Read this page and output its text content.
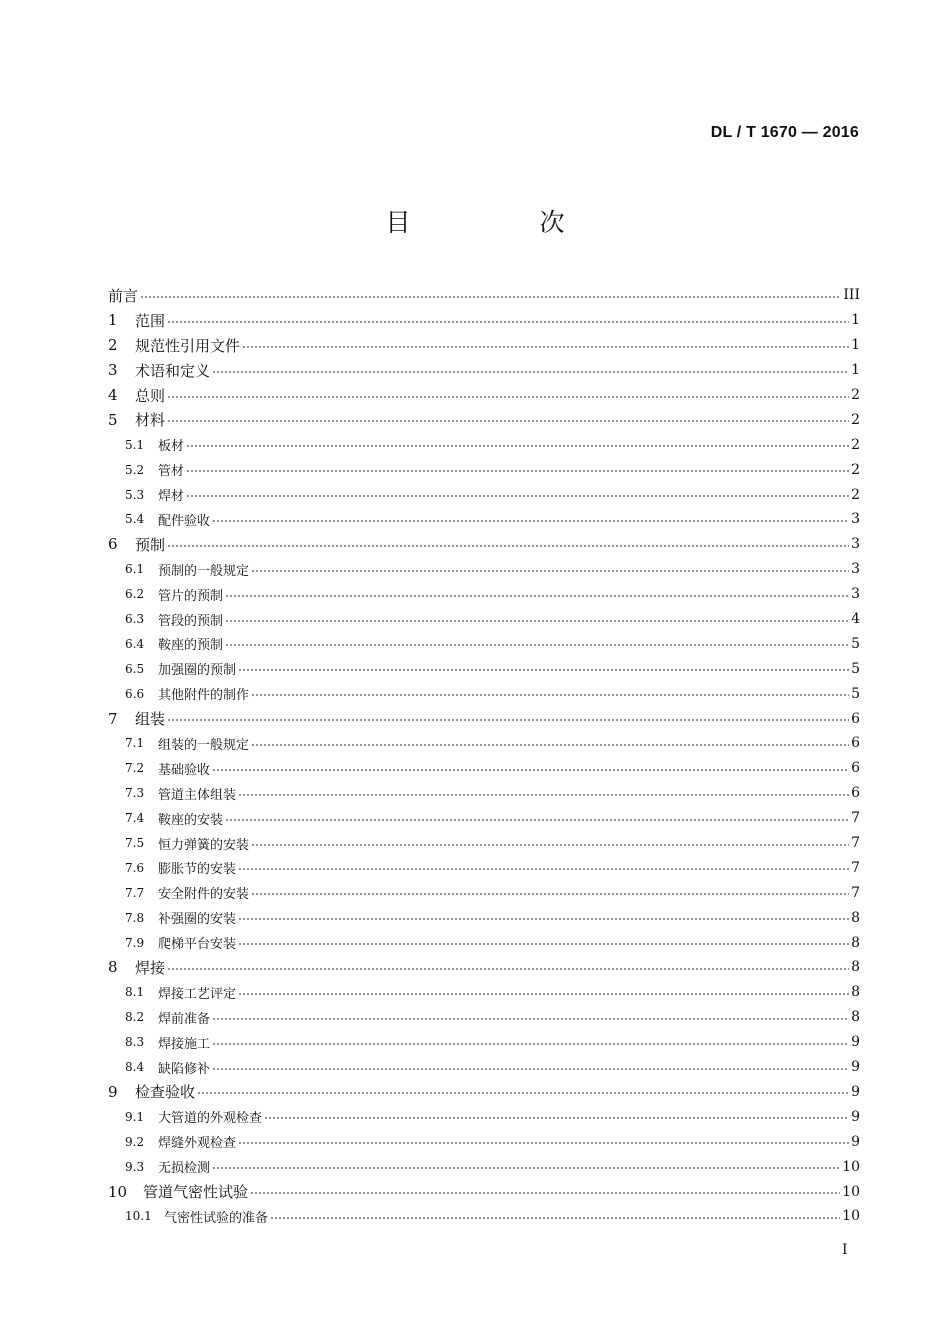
DL / T 1670 — 2016
目　次
前言	III
1	范围	1
2	规范性引用文件	1
3	术语和定义	1
4	总则	2
5	材料	2
5.1	板材	2
5.2	管材	2
5.3	焊材	2
5.4	配件验收	3
6	预制	3
6.1	预制的一般规定	3
6.2	管片的预制	3
6.3	管段的预制	4
6.4	鞍座的预制	5
6.5	加强圈的预制	5
6.6	其他附件的制作	5
7	组装	6
7.1	组装的一般规定	6
7.2	基础验收	6
7.3	管道主体组装	6
7.4	鞍座的安装	7
7.5	恒力弹簧的安装	7
7.6	膨胀节的安装	7
7.7	安全附件的安装	7
7.8	补强圈的安装	8
7.9	爬梯平台安装	8
8	焊接	8
8.1	焊接工艺评定	8
8.2	焊前准备	8
8.3	焊接施工	9
8.4	缺陷修补	9
9	检查验收	9
9.1	大管道的外观检查	9
9.2	焊缝外观检查	9
9.3	无损检测	10
10	管道气密性试验	10
10.1 气密性试验的准备	10
I
